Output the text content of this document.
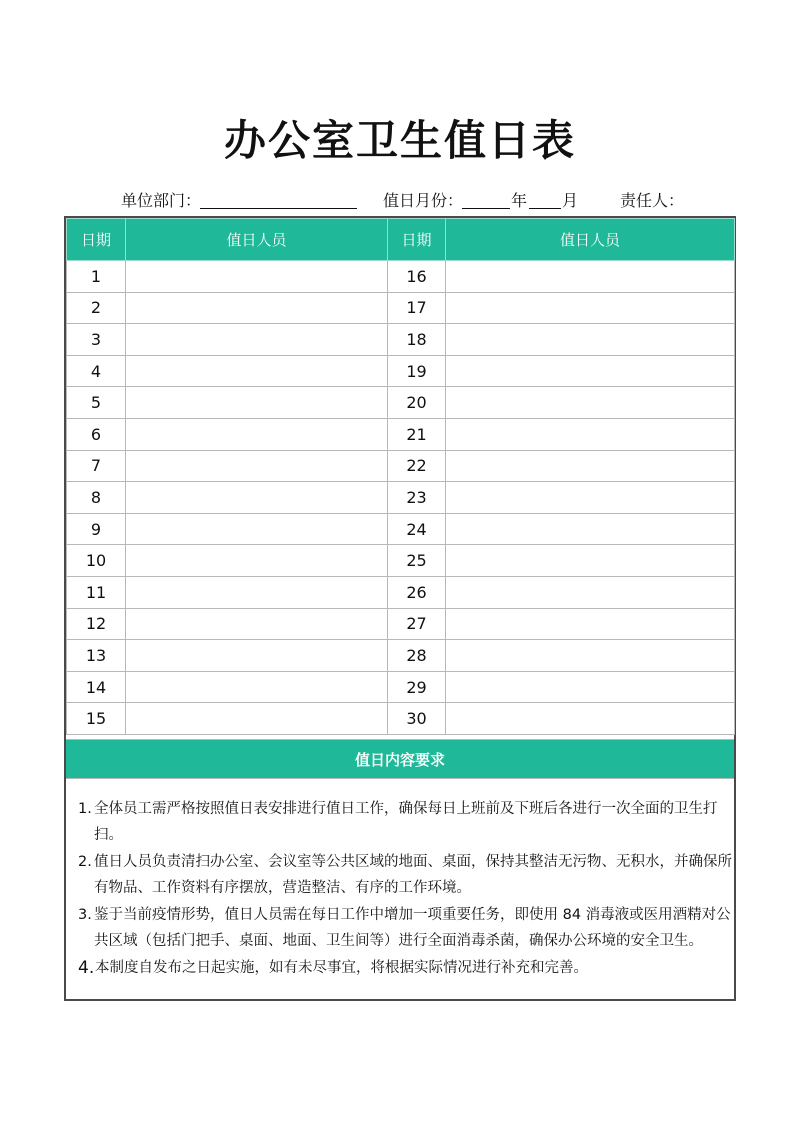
办公室卫生值日表
单位部门：	值日月份：	年 月	责任人：
日期	值日人员	日期	值日人员
1		16	
2		17	
3		18	
4		19	
5		20	
6		21	
7		22	
8		23	
9		24	
10		25	
11		26	
12		27	
13		28	
14		29	
15		30	
值日内容要求
1. 全体员工需严格按照值日表安排进行值日工作，确保每日上班前及下班后各进行一次全面的卫生打扫。
2. 值日人员负责清扫办公室、会议室等公共区域的地面、桌面，保持其整洁无污物、无积水，并确保所有物品、工作资料有序摆放，营造整洁、有序的工作环境。
3. 鉴于当前疫情形势，值日人员需在每日工作中增加一项重要任务，即使用 84 消毒液或医用酒精对公共区域（包括门把手、桌面、地面、卫生间等）进行全面消毒杀菌，确保办公环境的安全卫生。
4. 本制度自发布之日起实施，如有未尽事宜，将根据实际情况进行补充和完善。
